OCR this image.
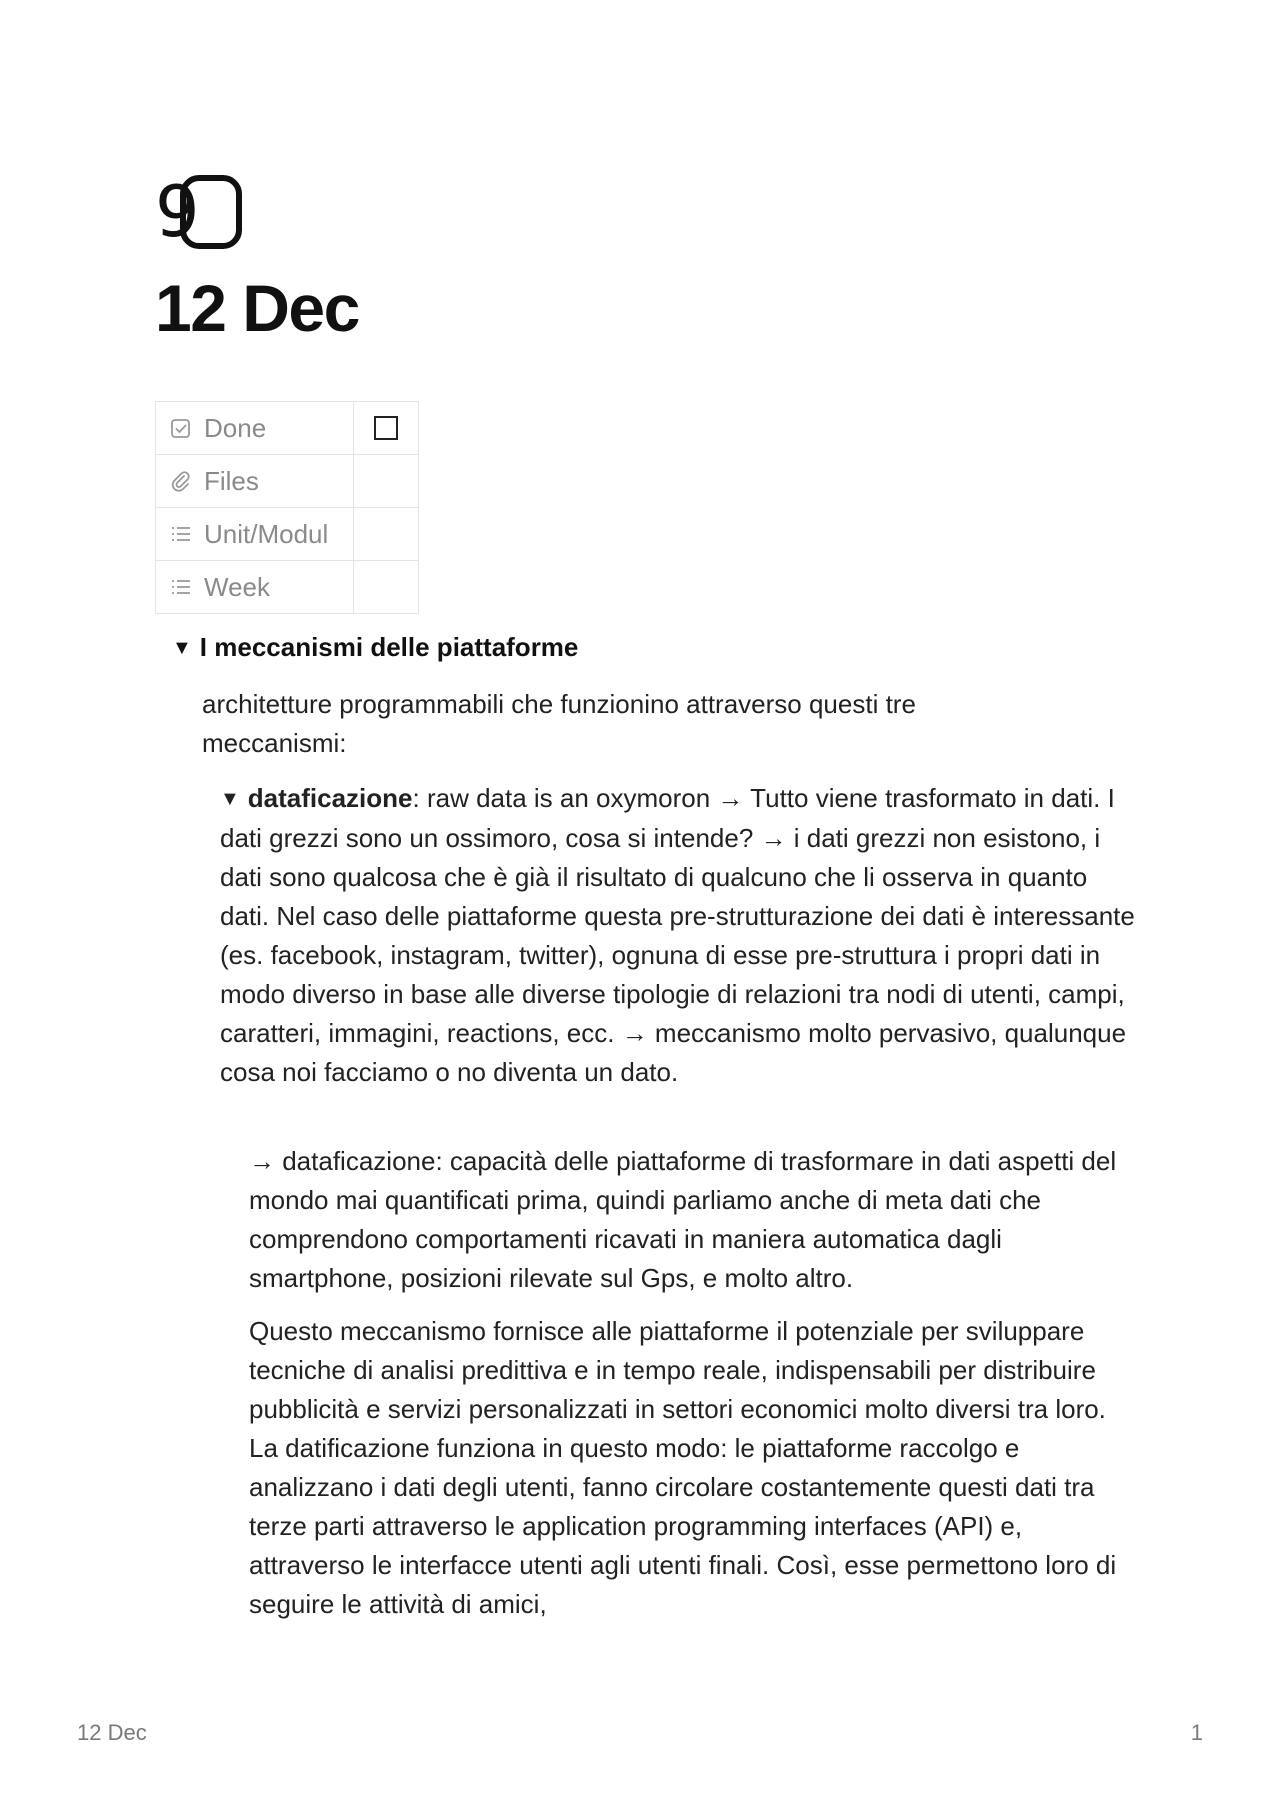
9
12 Dec
Done	

Files	

Unit/Modul	

Week	

▼ I meccanismi delle piattaforme
architetture programmabili che funzionino attraverso questi tre meccanismi:
▼ dataficazione: raw data is an oxymoron → Tutto viene trasformato in dati. I dati grezzi sono un ossimoro, cosa si intende? → i dati grezzi non esistono, i dati sono qualcosa che è già il risultato di qualcuno che li osserva in quanto dati. Nel caso delle piattaforme questa pre-strutturazione dei dati è interessante (es. facebook, instagram, twitter), ognuna di esse pre-struttura i propri dati in modo diverso in base alle diverse tipologie di relazioni tra nodi di utenti, campi, caratteri, immagini, reactions, ecc. → meccanismo molto pervasivo, qualunque cosa noi facciamo o no diventa un dato.
→ dataficazione: capacità delle piattaforme di trasformare in dati aspetti del mondo mai quantificati prima, quindi parliamo anche di meta dati che comprendono comportamenti ricavati in maniera automatica dagli smartphone, posizioni rilevate sul Gps, e molto altro.
Questo meccanismo fornisce alle piattaforme il potenziale per sviluppare tecniche di analisi predittiva e in tempo reale, indispensabili per distribuire pubblicità e servizi personalizzati in settori economici molto diversi tra loro. La datificazione funziona in questo modo: le piattaforme raccolgo e analizzano i dati degli utenti, fanno circolare costantemente questi dati tra terze parti attraverso le application programming interfaces (API) e, attraverso le interfacce utenti agli utenti finali. Così, esse permettono loro di seguire le attività di amici,
12 Dec	1
